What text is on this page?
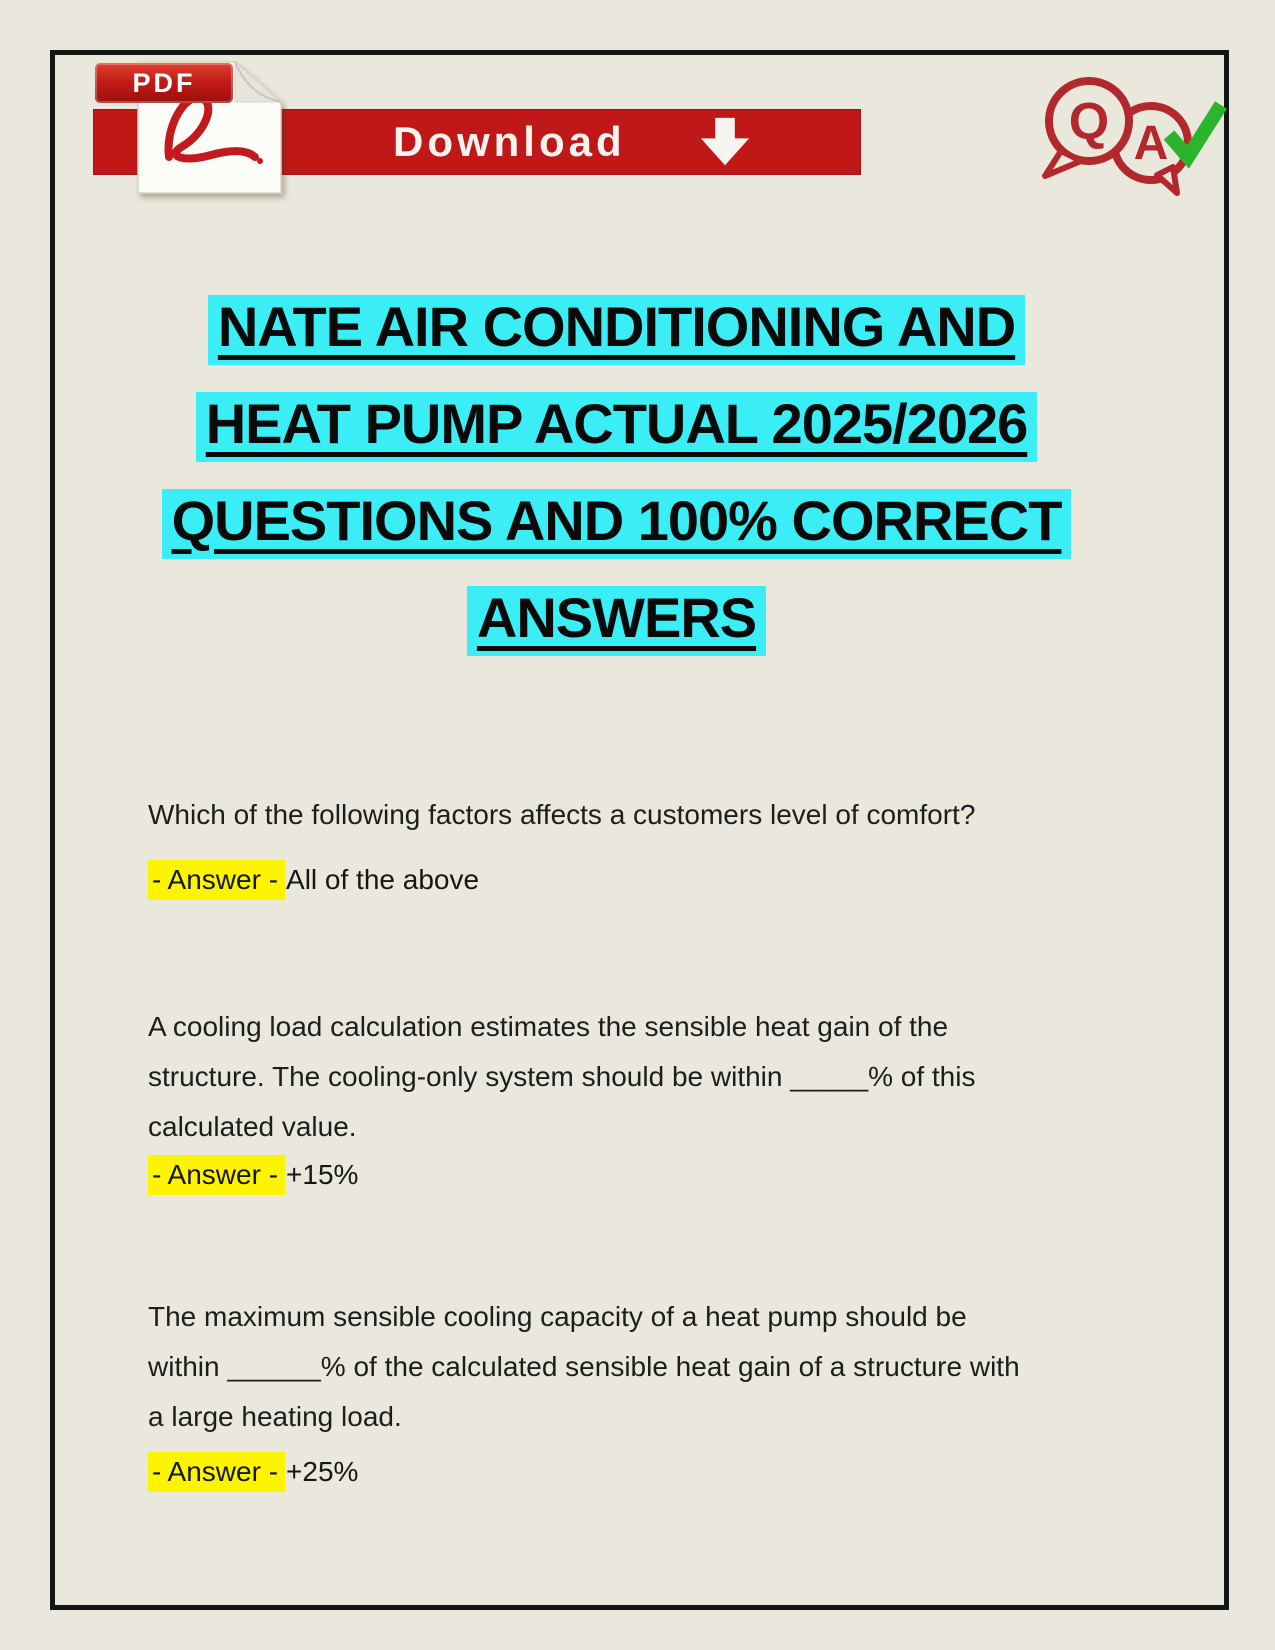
Download
PDF
A
Q
NATE AIR CONDITIONING AND
HEAT PUMP ACTUAL 2025/2026
QUESTIONS AND 100% CORRECT
ANSWERS
Which of the following factors affects a customers level of comfort?
- Answer - All of the above
A cooling load calculation estimates the sensible heat gain of the
structure. The cooling-only system should be within _____% of this
calculated value.
- Answer - +15%
The maximum sensible cooling capacity of a heat pump should be
within ______% of the calculated sensible heat gain of a structure with
a large heating load.
- Answer - +25%
